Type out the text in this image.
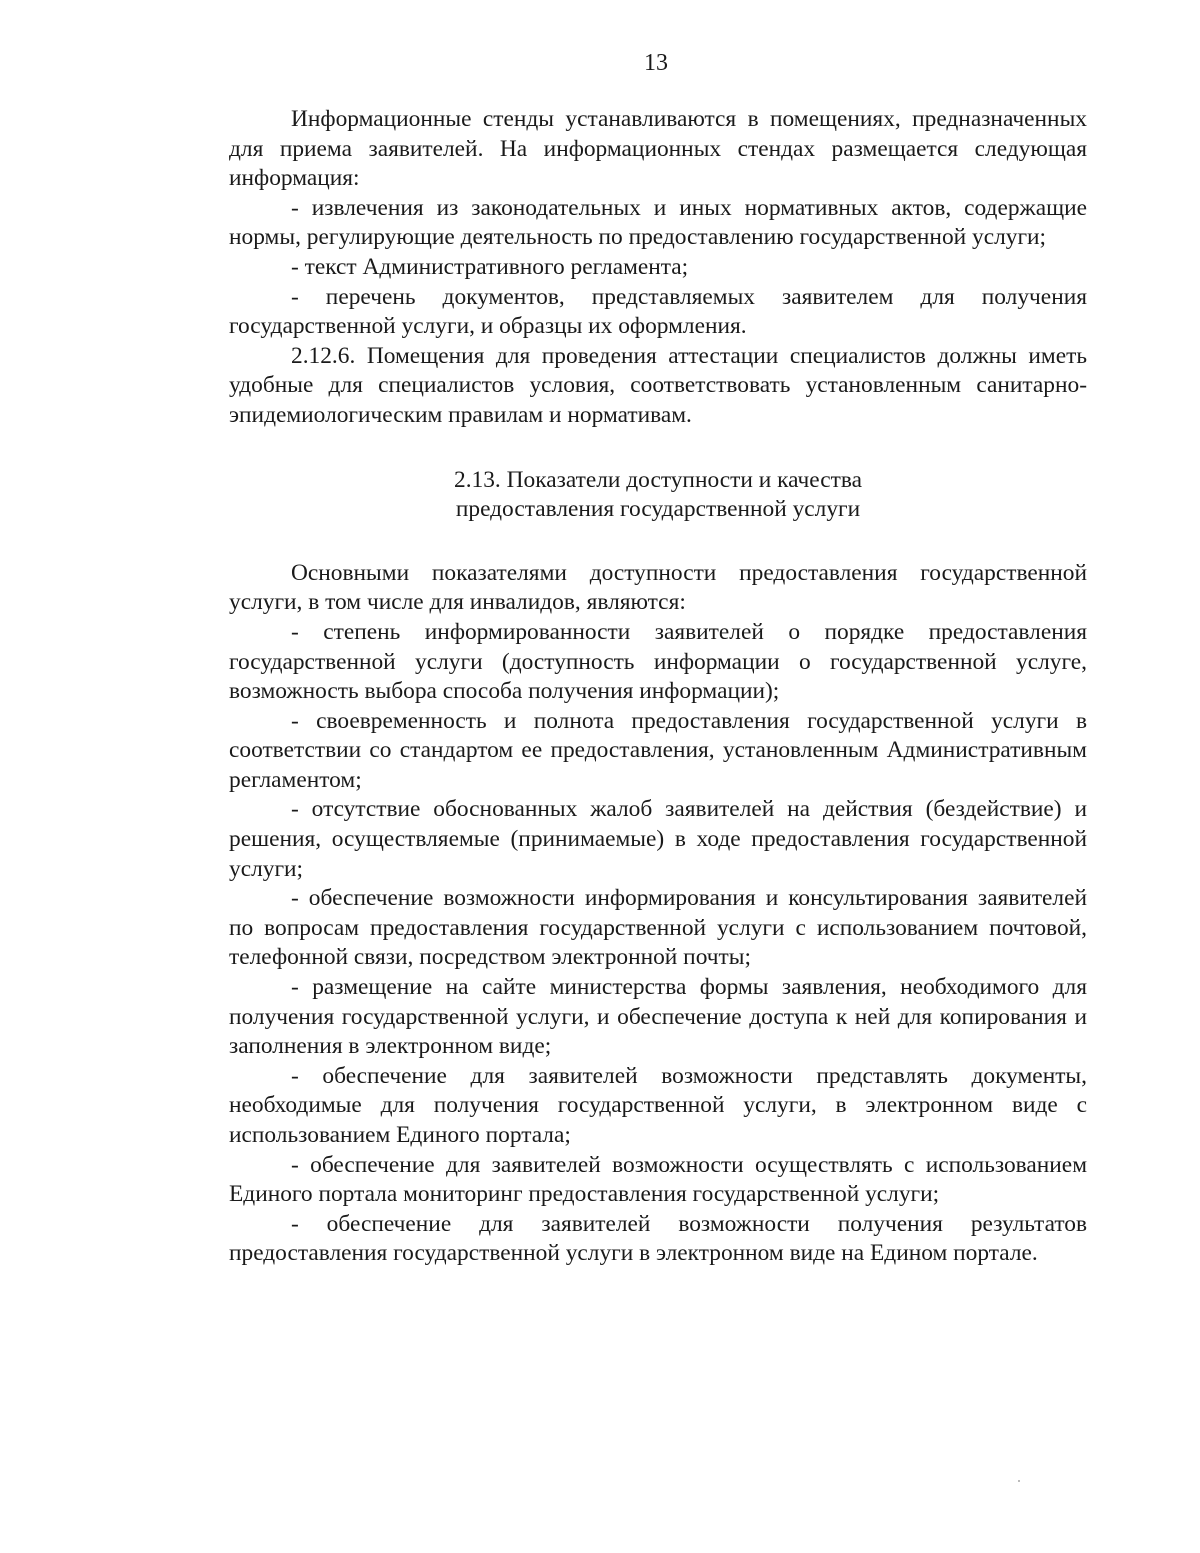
13

Информационные стенды устанавливаются в помещениях, предназначенных для приема заявителей. На информационных стендах размещается следующая информация:

- извлечения из законодательных и иных нормативных актов, содержащие нормы, регулирующие деятельность по предоставлению государственной услуги;

- текст Административного регламента;

- перечень документов, представляемых заявителем для получения государственной услуги, и образцы их оформления.

2.12.6. Помещения для проведения аттестации специалистов должны иметь удобные для специалистов условия, соответствовать установленным санитарно-эпидемиологическим правилам и нормативам.

2.13. Показатели доступности и качества
предоставления государственной услуги

Основными показателями доступности предоставления государственной услуги, в том числе для инвалидов, являются:

- степень информированности заявителей о порядке предоставления государственной услуги (доступность информации о государственной услуге, возможность выбора способа получения информации);

- своевременность и полнота предоставления государственной услуги в соответствии со стандартом ее предоставления, установленным Административным регламентом;

- отсутствие обоснованных жалоб заявителей на действия (бездействие) и решения, осуществляемые (принимаемые) в ходе предоставления государственной услуги;

- обеспечение возможности информирования и консультирования заявителей по вопросам предоставления государственной услуги с использованием почтовой, телефонной связи, посредством электронной почты;

- размещение на сайте министерства формы заявления, необходимого для получения государственной услуги, и обеспечение доступа к ней для копирования и заполнения в электронном виде;

- обеспечение для заявителей возможности представлять документы, необходимые для получения государственной услуги, в электронном виде с использованием Единого портала;

- обеспечение для заявителей возможности осуществлять с использованием Единого портала мониторинг предоставления государственной услуги;

- обеспечение для заявителей возможности получения результатов предоставления государственной услуги в электронном виде на Едином портале.
